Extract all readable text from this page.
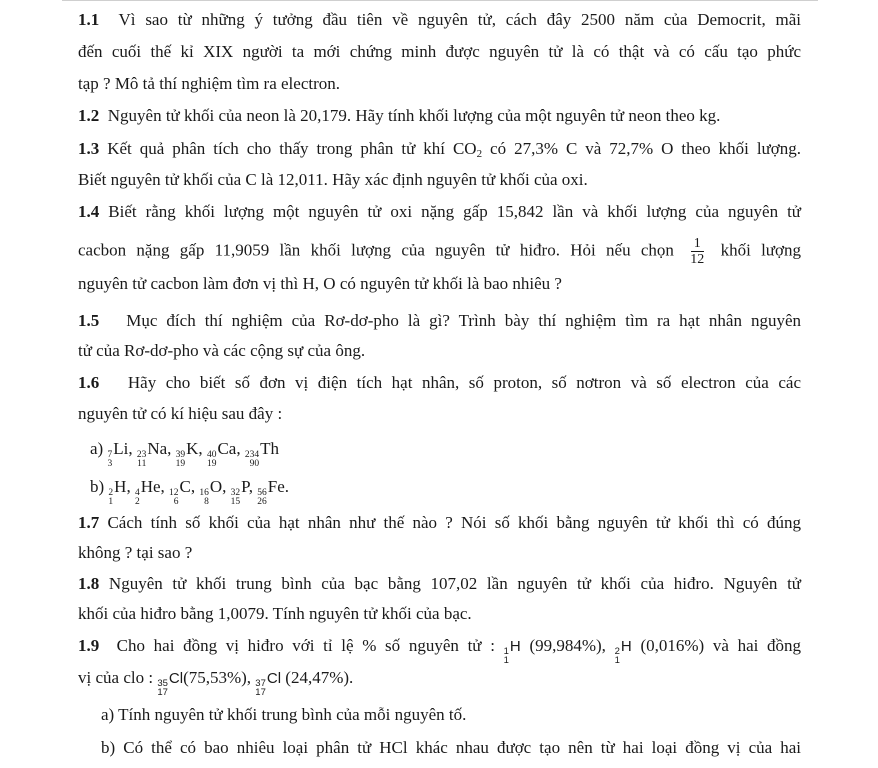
1.1 Vì sao từ những ý tưởng đầu tiên về nguyên tử, cách đây 2500 năm của Democrit, mãi
đến cuối thế kỉ XIX người ta mới chứng minh được nguyên tử là có thật và có cấu tạo phức
tạp ? Mô tả thí nghiệm tìm ra electron.
1.2 Nguyên tử khối của neon là 20,179. Hãy tính khối lượng của một nguyên tử neon theo kg.
1.3 Kết quả phân tích cho thấy trong phân tử khí $CO_2$ có 27,3% C và 72,7% O theo khối lượng.
Biết nguyên tử khối của C là 12,011. Hãy xác định nguyên tử khối của oxi.
1.4 Biết rằng khối lượng một nguyên tử oxi nặng gấp 15,842 lần và khối lượng của nguyên tử
cacbon nặng gấp 11,9059 lần khối lượng của nguyên tử hiđro. Hỏi nếu chọn $\frac{1}{12}$ khối lượng
nguyên tử cacbon làm đơn vị thì H, O có nguyên tử khối là bao nhiêu ?
1.5 Mục đích thí nghiệm của Rơ-dơ-pho là gì? Trình bày thí nghiệm tìm ra hạt nhân nguyên
tử của Rơ-dơ-pho và các cộng sự của ông.
1.6 Hãy cho biết số đơn vị điện tích hạt nhân, số proton, số nơtron và số electron của các
nguyên tử có kí hiệu sau đây :
a) 7
3
Li, 23
11
Na, 39
19
K, 40
19
Ca, 234
90
Th
b) 2
1
H, 4
2
He, 12
6
C, 16
8
O, 32
15
P, 56
26
Fe.
1.7 Cách tính số khối của hạt nhân như thế nào ? Nói số khối bằng nguyên tử khối thì có đúng
không ? tại sao ?
1.8 Nguyên tử khối trung bình của bạc bằng 107,02 lần nguyên tử khối của hiđro. Nguyên tử
khối của hiđro bằng 1,0079. Tính nguyên tử khối của bạc.
1.9 Cho hai đồng vị hiđro với tỉ lệ % số nguyên tử : 1
1
H (99,984%), 2
1
H (0,016%) và hai đồng
vị của clo : 35
17
Cl(75,53%), 37
17
Cl (24,47%).
a) Tính nguyên tử khối trung bình của mỗi nguyên tố.
b) Có thể có bao nhiêu loại phân tử HCl khác nhau được tạo nên từ hai loại đồng vị của hai
